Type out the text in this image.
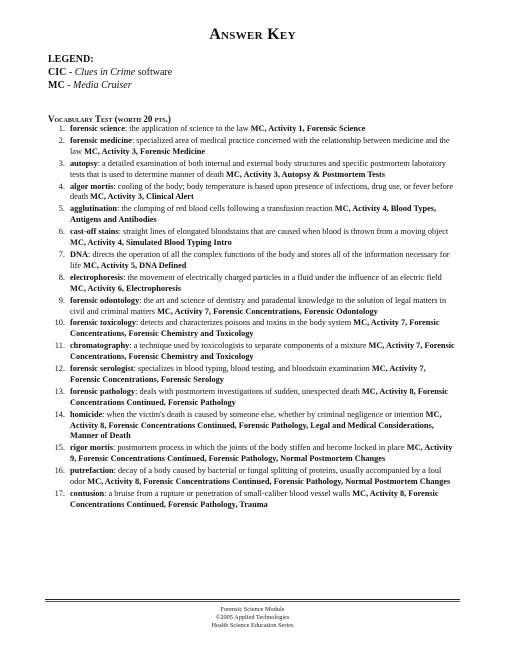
Answer Key
LEGEND:
CIC - Clues in Crime software
MC - Media Cruiser
Vocabulary Test (worth 20 pts.)
1. forensic science: the application of science to the law MC, Activity 1, Forensic Science
2. forensic medicine: specialized area of medical practice concerned with the relationship between medicine and the law MC, Activity 3, Forensic Medicine
3. autopsy: a detailed examination of both internal and external body structures and specific postmortem laboratory tests that is used to determine manner of death MC, Activity 3, Autopsy & Postmortem Tests
4. algor mortis: cooling of the body; body temperature is based upon presence of infections, drug use, or fever before death MC, Activity 3, Clinical Alert
5. agglutination: the clumping of red blood cells following a transfusion reaction MC, Activity 4, Blood Types, Antigens and Antibodies
6. cast-off stains: straight lines of elongated bloodstains that are caused when blood is thrown from a moving object MC, Activity 4, Simulated Blood Typing Intro
7. DNA: directs the operation of all the complex functions of the body and stores all of the information necessary for life MC, Activity 5, DNA Defined
8. electrophoresis: the movement of electrically charged particles in a fluid under the influence of an electric field MC, Activity 6, Electrophoresis
9. forensic odontology: the art and science of dentistry and paradental knowledge to the solution of legal matters in civil and criminal matters MC, Activity 7, Forensic Concentrations, Forensic Odontology
10. forensic toxicology: detects and characterizes poisons and toxins in the body system MC, Activity 7, Forensic Concentrations, Forensic Chemistry and Toxicology
11. chromatography: a technique used by toxicologists to separate components of a mixture MC, Activity 7, Forensic Concentrations, Forensic Chemistry and Toxicology
12. forensic serologist: specializes in blood typing, blood testing, and bloodstain examination MC, Activity 7, Forensic Concentrations, Forensic Serology
13. forensic pathology: deals with postmortem investigations of sudden, unexpected death MC, Activity 8, Forensic Concentrations Continued, Forensic Pathology
14. homicide: when the victim's death is caused by someone else, whether by criminal negligence or intention MC, Activity 8, Forensic Concentrations Continued, Forensic Pathology, Legal and Medical Considerations, Manner of Death
15. rigor mortis: postmortem process in which the joints of the body stiffen and become locked in place MC, Activity 9, Forensic Concentrations Continued, Forensic Pathology, Normal Postmortem Changes
16. putrefaction: decay of a body caused by bacterial or fungal splitting of proteins, usually accompanied by a foul odor MC, Activity 8, Forensic Concentrations Continued, Forensic Pathology, Normal Postmortem Changes
17. contusion: a bruise from a rupture or penetration of small-caliber blood vessel walls MC, Activity 8, Forensic Concentrations Continued, Forensic Pathology, Trauma
Forensic Science Module
©2005 Applied Technologies
Health Science Education Series
